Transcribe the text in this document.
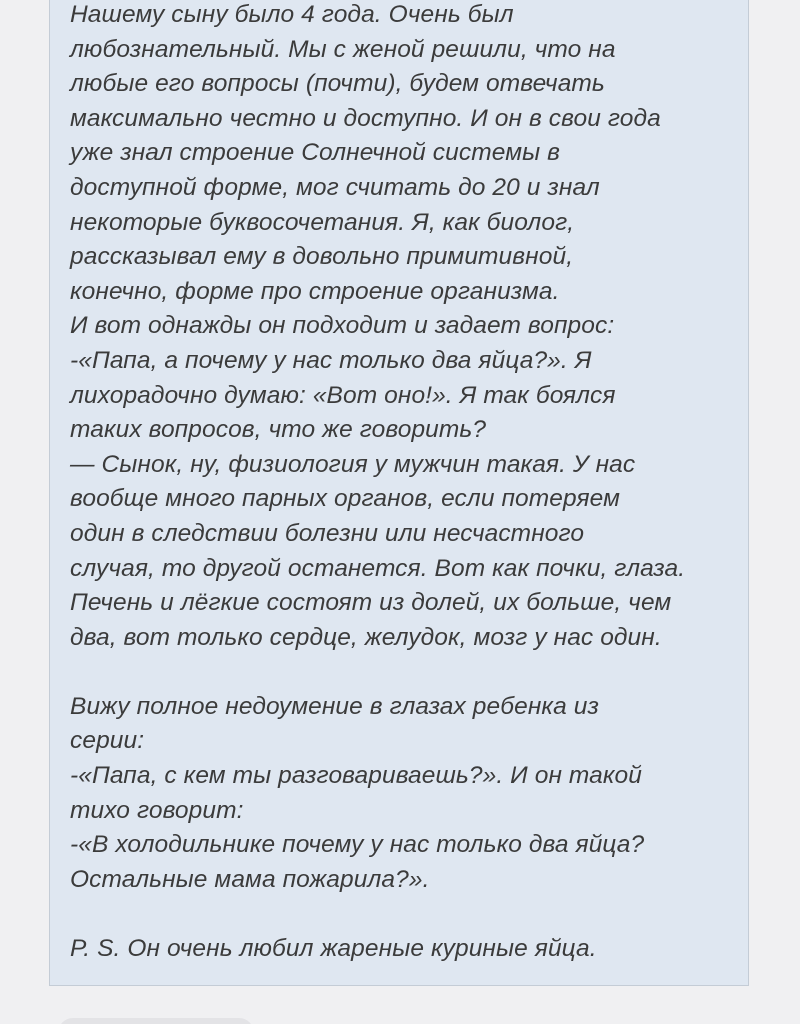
Нашему сыну было 4 года. Очень был
любознательный. Мы с женой решили, что на
любые его вопросы (почти), будем отвечать
максимально честно и доступно. И он в свои года
уже знал строение Солнечной системы в
доступной форме, мог считать до 20 и знал
некоторые буквосочетания. Я, как биолог,
рассказывал ему в довольно примитивной,
конечно, форме про строение организма.
И вот однажды он подходит и задает вопрос:
-«Папа, а почему у нас только два яйца?». Я
лихорадочно думаю: «Вот оно!». Я так боялся
таких вопросов, что же говорить?
— Сынок, ну, физиология у мужчин такая. У нас
вообще много парных органов, если потеряем
один в следствии болезни или несчастного
случая, то другой останется. Вот как почки, глаза.
Печень и лёгкие состоят из долей, их больше, чем
два, вот только сердце, желудок, мозг у нас один.

Вижу полное недоумение в глазах ребенка из
серии:
-«Папа, с кем ты разговариваешь?». И он такой
тихо говорит:
-«В холодильнике почему у нас только два яйца?
Остальные мама пожарила?».

P. S. Он очень любил жареные куриные яйца.
